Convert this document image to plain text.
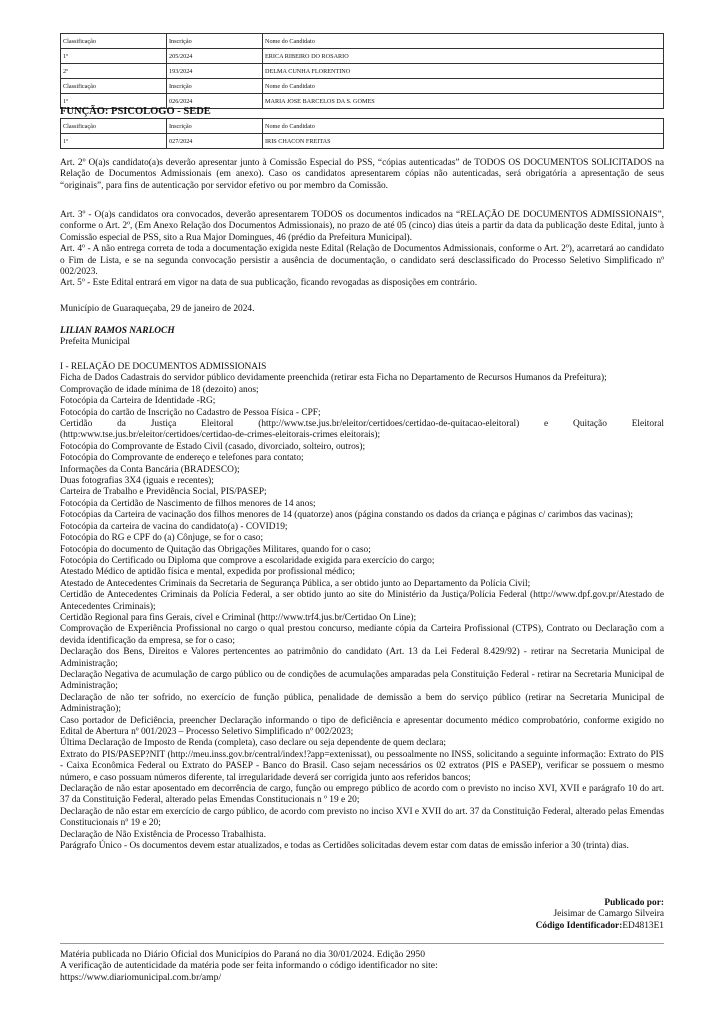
Classificação	Inscrição	Nome do Candidato
1º	205/2024	ERICA RIBEIRO DO ROSARIO
2º	193/2024	DELMA CUNHA FLORENTINO
Classificação	Inscrição	Nome do Candidato
1º	026/2024	MARIA JOSE BARCELOS DA S. GOMES
FUNÇÃO: PSICOLOGO - SEDE
Classificação	Inscrição	Nome do Candidato
1º	027/2024	IRIS CHACON FREITAS

Art. 2º O(a)s candidato(a)s deverão apresentar junto à Comissão Especial do PSS, “cópias autenticadas” de TODOS OS DOCUMENTOS SOLICITADOS na Relação de Documentos Admissionais (em anexo). Caso os candidatos apresentarem cópias não autenticadas, será obrigatória a apresentação de seus “originais”, para fins de autenticação por servidor efetivo ou por membro da Comissão.

Art. 3º - O(a)s candidatos ora convocados, deverão apresentarem TODOS os documentos indicados na “RELAÇÃO DE DOCUMENTOS ADMISSIONAIS”, conforme o Art. 2º, (Em Anexo Relação dos Documentos Admissionais), no prazo de até 05 (cinco) dias úteis a partir da data da publicação deste Edital, junto à Comissão especial de PSS, sito a Rua Major Domingues, 46 (prédio da Prefeitura Municipal).

Art. 4º - A não entrega correta de toda a documentação exigida neste Edital (Relação de Documentos Admissionais, conforme o Art. 2º), acarretará ao candidato o Fim de Lista, e se na segunda convocação persistir a ausência de documentação, o candidato será desclassificado do Processo Seletivo Simplificado nº 002/2023.

Art. 5º - Este Edital entrará em vigor na data de sua publicação, ficando revogadas as disposições em contrário.

Município de Guaraqueçaba, 29 de janeiro de 2024.

LILIAN RAMOS NARLOCH

Prefeita Municipal

I - RELAÇÃO DE DOCUMENTOS ADMISSIONAIS

Ficha de Dados Cadastrais do servidor público devidamente preenchida (retirar esta Ficha no Departamento de Recursos Humanos da Prefeitura);

Comprovação de idade mínima de 18 (dezoito) anos;

Fotocópia da Carteira de Identidade -RG;

Fotocópia do cartão de Inscrição no Cadastro de Pessoa Física - CPF;

Certidão da Justiça Eleitoral (http://www.tse.jus.br/eleitor/certidoes/certidao-de-quitacao-eleitoral) e Quitação Eleitoral (http:www.tse.jus.br/eleitor/certidoes/certidao-de-crimes-eleitorais-crimes eleitorais);

Fotocópia do Comprovante de Estado Civil (casado, divorciado, solteiro, outros);

Fotocópia do Comprovante de endereço e telefones para contato;

Informações da Conta Bancária (BRADESCO);

Duas fotografias 3X4 (iguais e recentes);

Carteira de Trabalho e Previdência Social, PIS/PASEP;

Fotocópia da Certidão de Nascimento de filhos menores de 14 anos;

Fotocópias da Carteira de vacinação dos filhos menores de 14 (quatorze) anos (página constando os dados da criança e páginas c/ carimbos das vacinas);

Fotocópia da carteira de vacina do candidato(a) - COVID19;

Fotocópia do RG e CPF do (a) Cônjuge, se for o caso;

Fotocópia do documento de Quitação das Obrigações Militares, quando for o caso;

Fotocópia do Certificado ou Diploma que comprove a escolaridade exigida para exercício do cargo;

Atestado Médico de aptidão física e mental, expedida por profissional médico;

Atestado de Antecedentes Criminais da Secretaria de Segurança Pública, a ser obtido junto ao Departamento da Polícia Civil;

Certidão de Antecedentes Criminais da Polícia Federal, a ser obtido junto ao site do Ministério da Justiça/Polícia Federal (http://www.dpf.gov.pr/Atestado de Antecedentes Criminais);

Certidão Regional para fins Gerais, cível e Criminal (http://www.trf4.jus.br/Certidao On Line);

Comprovação de Experiência Profissional no cargo o qual prestou concurso, mediante cópia da Carteira Profissional (CTPS), Contrato ou Declaração com a devida identificação da empresa, se for o caso;

Declaração dos Bens, Direitos e Valores pertencentes ao patrimônio do candidato (Art. 13 da Lei Federal 8.429/92) - retirar na Secretaria Municipal de Administração;

Declaração Negativa de acumulação de cargo público ou de condições de acumulações amparadas pela Constituição Federal - retirar na Secretaria Municipal de Administração;

Declaração de não ter sofrido, no exercício de função pública, penalidade de demissão a bem do serviço público (retirar na Secretaria Municipal de Administração);

Caso portador de Deficiência, preencher Declaração informando o tipo de deficiência e apresentar documento médico comprobatório, conforme exigido no Edital de Abertura nº 001/2023 – Processo Seletivo Simplificado nº 002/2023;

Última Declaração de Imposto de Renda (completa), caso declare ou seja dependente de quem declara;

Extrato do PIS/PASEP?NIT (http://meu.inss.gov.br/central/index!?app=extenissat), ou pessoalmente no INSS, solicitando a seguinte informação: Extrato do PIS - Caixa Econômica Federal ou Extrato do PASEP - Banco do Brasil. Caso sejam necessários os 02 extratos (PIS e PASEP), verificar se possuem o mesmo número, e caso possuam números diferente, tal irregularidade deverá ser corrigida junto aos referidos bancos;

Declaração de não estar aposentado em decorrência de cargo, função ou emprego público de acordo com o previsto no inciso XVI, XVII e parágrafo 10 do art. 37 da Constituição Federal, alterado pelas Emendas Constitucionais n º 19 e 20;

Declaração de não estar em exercício de cargo público, de acordo com previsto no inciso XVI e XVII do art. 37 da Constituição Federal, alterado pelas Emendas Constitucionais nº 19 e 20;

Declaração de Não Existência de Processo Trabalhista.

Parágrafo Único - Os documentos devem estar atualizados, e todas as Certidões solicitadas devem estar com datas de emissão inferior a 30 (trinta) dias.

Publicado por:
Jeisimar de Camargo Silveira
Código Identificador:ED4813E1

Matéria publicada no Diário Oficial dos Municípios do Paraná no dia 30/01/2024. Edição 2950

A verificação de autenticidade da matéria pode ser feita informando o código identificador no site:

https://www.diariomunicipal.com.br/amp/
